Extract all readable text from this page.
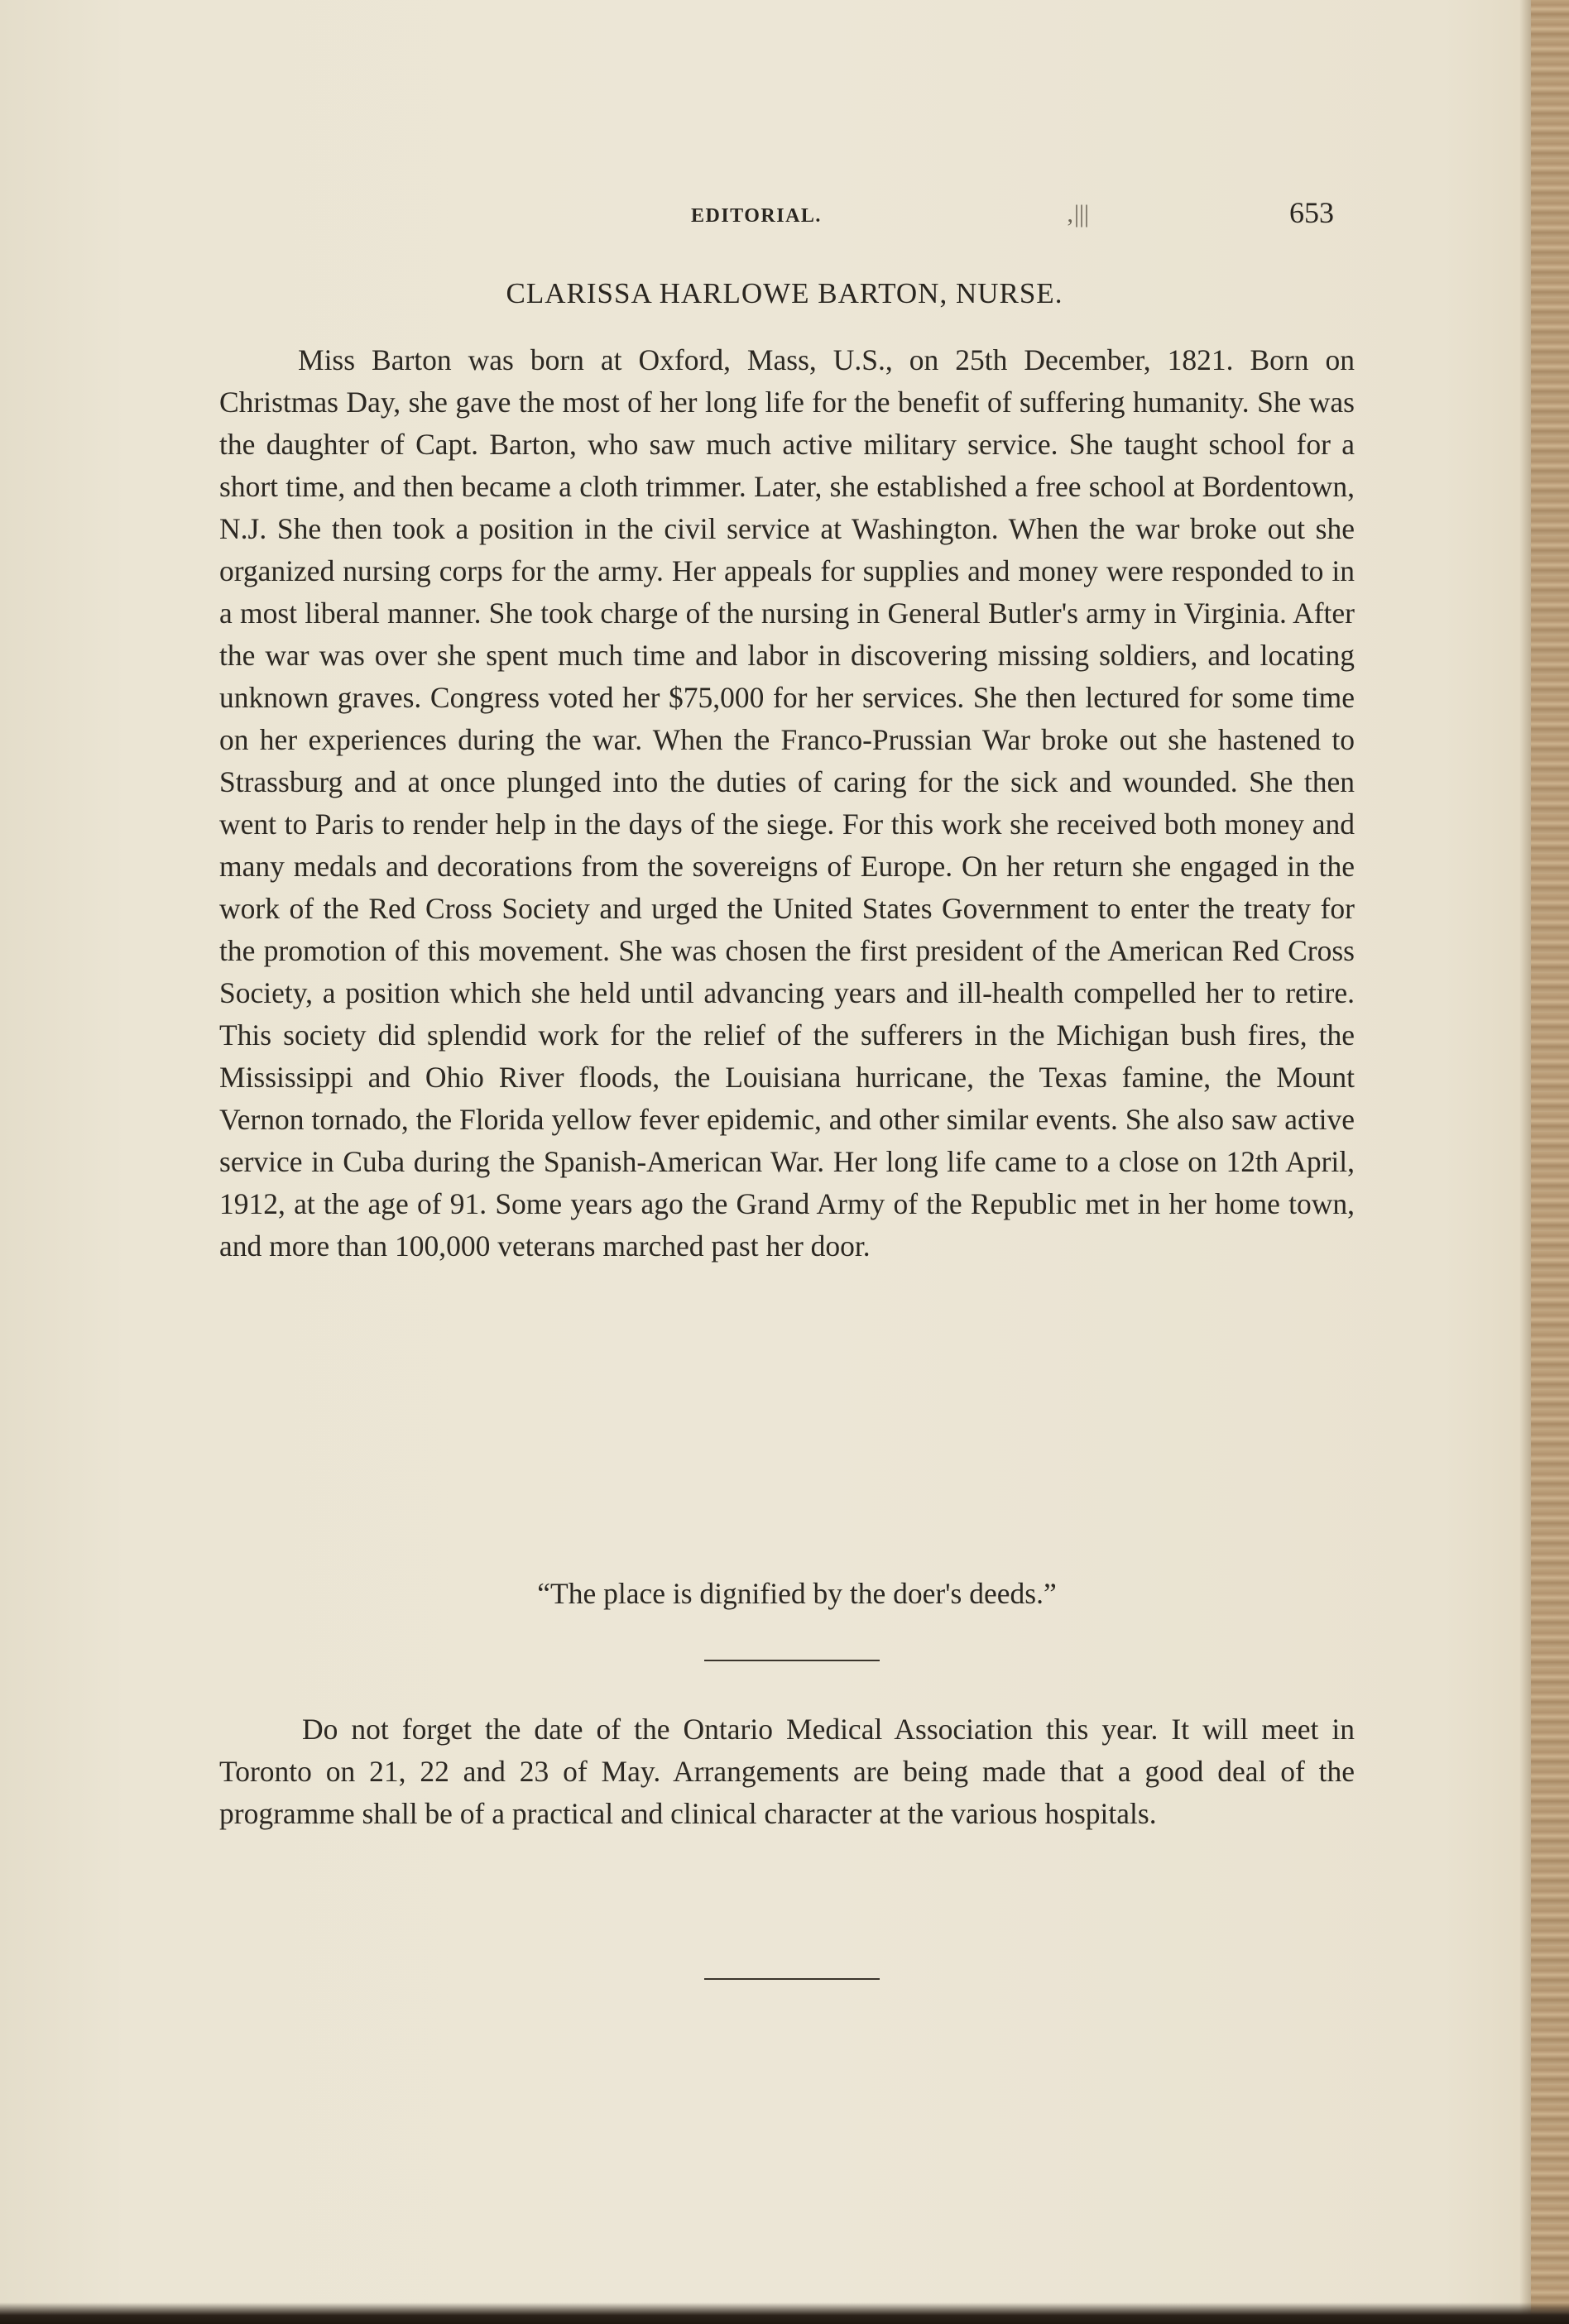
EDITORIAL.	‚|||	653
CLARISSA HARLOWE BARTON, NURSE.

Miss Barton was born at Oxford, Mass, U.S., on 25th December, 1821. Born on Christmas Day, she gave the most of her long life for the benefit of suffering humanity. She was the daughter of Capt. Barton, who saw much active military service. She taught school for a short time, and then became a cloth trimmer. Later, she established a free school at Bordentown, N.J. She then took a position in the civil service at Washington. When the war broke out she organized nursing corps for the army. Her appeals for supplies and money were responded to in a most liberal manner. She took charge of the nursing in General Butler's army in Virginia. After the war was over she spent much time and labor in discovering missing soldiers, and locating unknown graves. Congress voted her $75,000 for her services. She then lectured for some time on her experiences during the war. When the Franco-Prussian War broke out she hastened to Strassburg and at once plunged into the duties of caring for the sick and wounded. She then went to Paris to render help in the days of the siege. For this work she received both money and many medals and decorations from the sovereigns of Europe. On her return she engaged in the work of the Red Cross Society and urged the United States Government to enter the treaty for the promotion of this movement. She was chosen the first president of the American Red Cross Society, a position which she held until advancing years and ill-health compelled her to retire. This society did splendid work for the relief of the sufferers in the Michigan bush fires, the Mississippi and Ohio River floods, the Louisiana hurricane, the Texas famine, the Mount Vernon tornado, the Florida yellow fever epidemic, and other similar events. She also saw active service in Cuba during the Spanish-American War. Her long life came to a close on 12th April, 1912, at the age of 91. Some years ago the Grand Army of the Republic met in her home town, and more than 100,000 veterans marched past her door.

“The place is dignified by the doer's deeds.”

Do not forget the date of the Ontario Medical Association this year. It will meet in Toronto on 21, 22 and 23 of May. Arrangements are being made that a good deal of the programme shall be of a practical and clinical character at the various hospitals.
